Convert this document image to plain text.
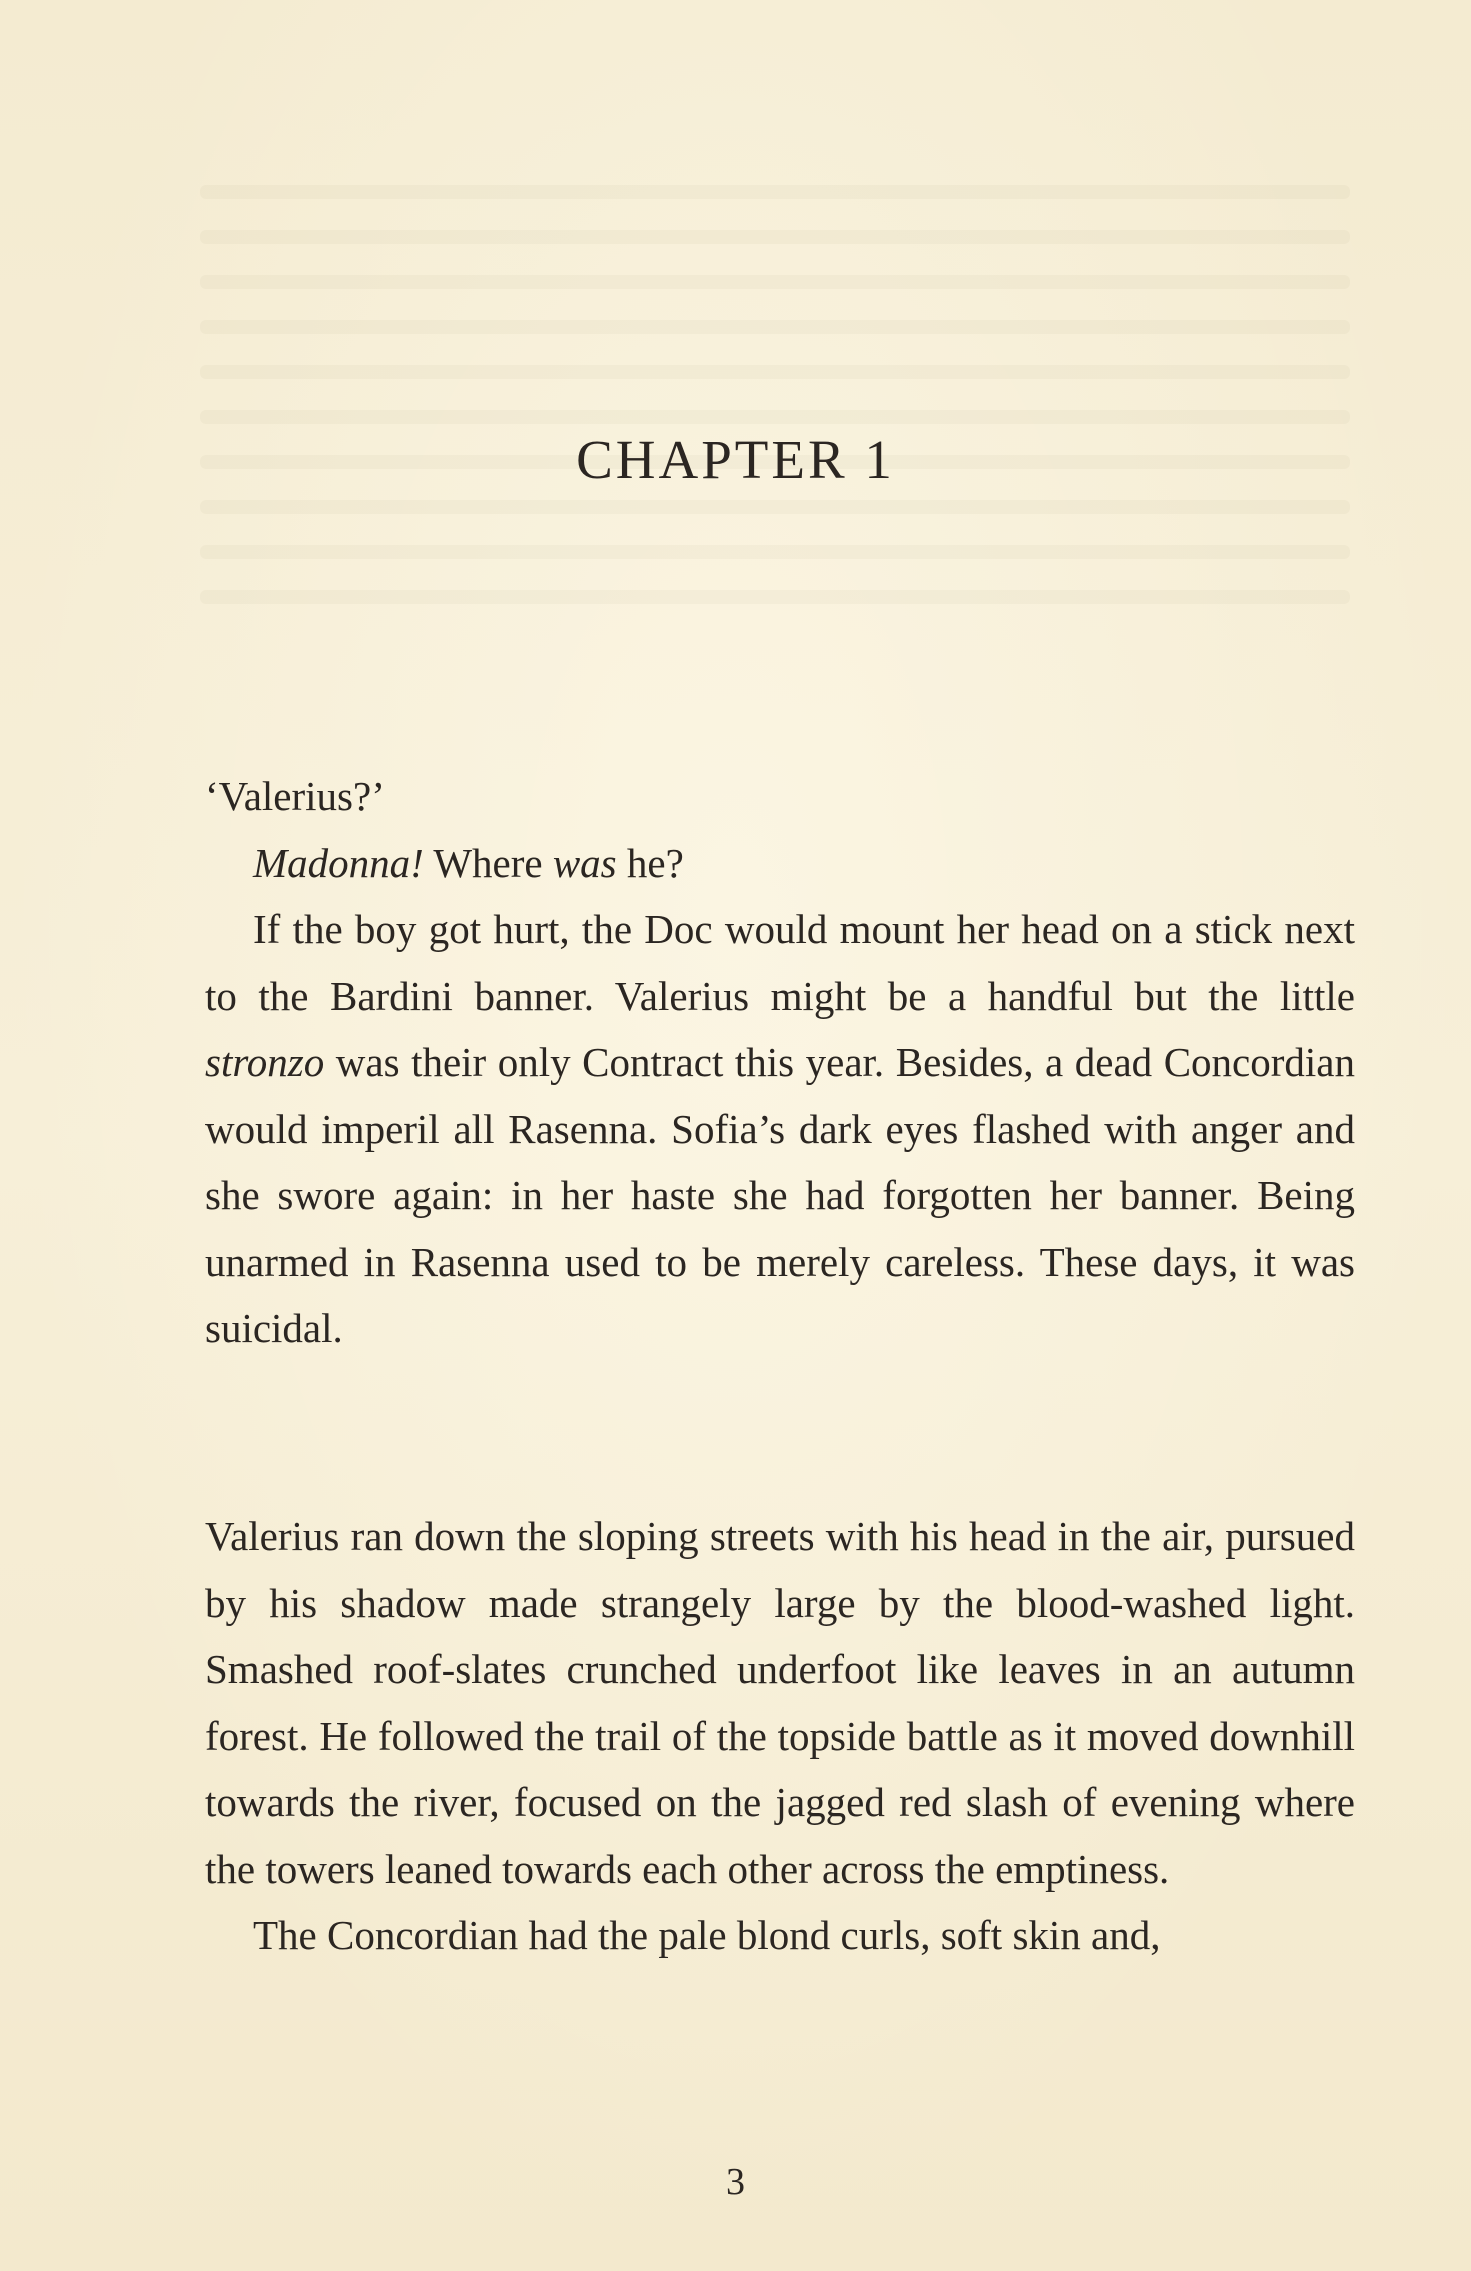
CHAPTER 1

‘Valerius?’

Madonna! Where was he?

If the boy got hurt, the Doc would mount her head on a stick next to the Bardini banner. Valerius might be a handful but the little stronzo was their only Contract this year. Besides, a dead Concordian would imperil all Rasenna. Sofia’s dark eyes flashed with anger and she swore again: in her haste she had forgotten her banner. Being unarmed in Rasenna used to be merely careless. These days, it was suicidal.

Valerius ran down the sloping streets with his head in the air, pursued by his shadow made strangely large by the blood-washed light. Smashed roof-slates crunched underfoot like leaves in an autumn forest. He followed the trail of the topside battle as it moved downhill towards the river, focused on the jagged red slash of evening where the towers leaned towards each other across the emptiness.

The Concordian had the pale blond curls, soft skin and,

3
